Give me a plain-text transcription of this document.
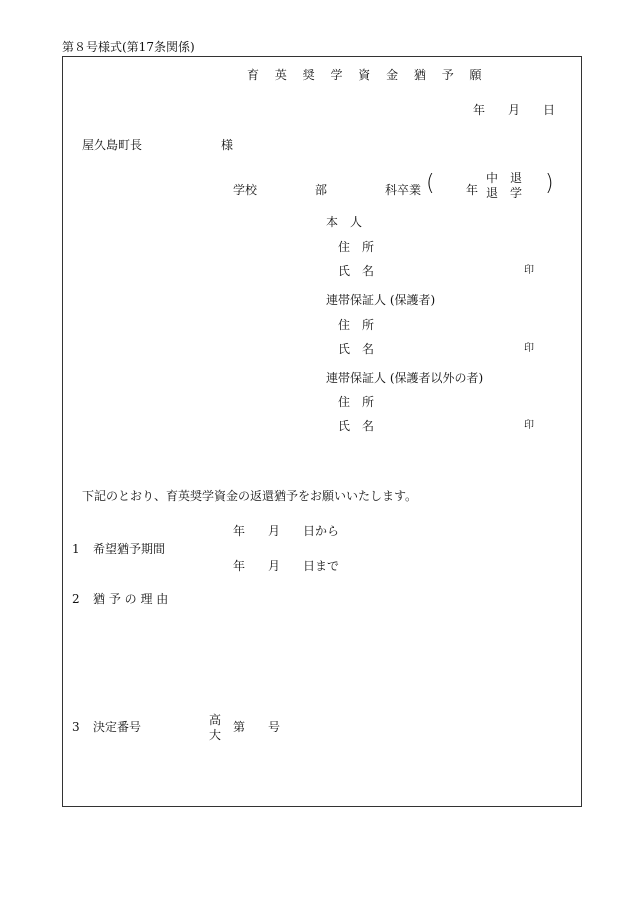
第８号様式(第17条関係)
育 英 奨 学 資 金 猶 予 願
年 月 日
屋久島町長	様
学校	部	科卒業 (	年
中　退
退　学 )
本　人
住　所
氏　名	印
連帯保証人 (保護者)
住　所
氏　名	印
連帯保証人 (保護者以外の者)
住　所
氏　名	印
下記のとおり、育英奨学資金の返還猶予をお願いいたします。
1 希望猶予期間
年 月 日から
年 月 日まで
2 猶 予 の 理 由
3 決定番号	高
大
第 号
